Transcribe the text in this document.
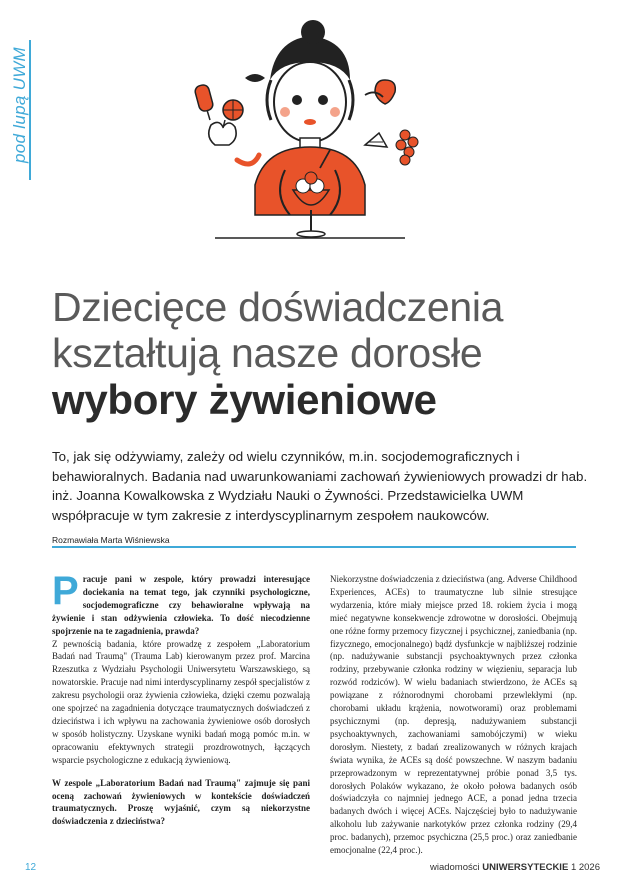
pod lupą UWM
Dziecięce doświadczenia
kształtują nasze dorosłe
wybory żywieniowe
To, jak się odżywiamy, zależy od wielu czynników, m.in. socjodemograficznych i behawioralnych. Badania nad uwarunkowaniami zachowań żywieniowych prowadzi dr hab. inż. Joanna Kowalkowska z Wydziału Nauki o Żywności. Przedstawicielka UWM współpracuje w tym zakresie z interdyscyplinarnym zespołem naukowców.
Rozmawiała Marta Wiśniewska

Pracuje pani w zespole, który prowadzi interesujące dociekania na temat tego, jak czynniki psychologiczne, socjodemograficzne czy behawioralne wpływają na żywienie i stan odżywienia człowieka. To dość niecodzienne spojrzenie na te zagadnienia, prawda?

Z pewnością badania, które prowadzę z zespołem „Laboratorium Badań nad Traumą" (Trauma Lab) kierowanym przez prof. Marcina Rzeszutka z Wydziału Psychologii Uniwersytetu Warszawskiego, są nowatorskie. Pracuje nad nimi interdyscyplinarny zespół specjalistów z zakresu psychologii oraz żywienia człowieka, dzięki czemu pozwalają one spojrzeć na zagadnienia dotyczące traumatycznych doświadczeń z dzieciństwa i ich wpływu na zachowania żywieniowe osób dorosłych w sposób holistyczny. Uzyskane wyniki badań mogą pomóc m.in. w opracowaniu efektywnych strategii prozdrowotnych, łączących wsparcie psychologiczne z edukacją żywieniową.

W zespole „Laboratorium Badań nad Traumą" zajmuje się pani oceną zachowań żywieniowych w kontekście doświadczeń traumatycznych. Proszę wyjaśnić, czym są niekorzystne doświadczenia z dzieciństwa?

Niekorzystne doświadczenia z dzieciństwa (ang. Adverse Childhood Experiences, ACEs) to traumatyczne lub silnie stresujące wydarzenia, które miały miejsce przed 18. rokiem życia i mogą mieć negatywne konsekwencje zdrowotne w dorosłości. Obejmują one różne formy przemocy fizycznej i psychicznej, zaniedbania (np. fizycznego, emocjonalnego) bądź dysfunkcje w najbliższej rodzinie (np. nadużywanie substancji psychoaktywnych przez członka rodziny, przebywanie członka rodziny w więzieniu, separacja lub rozwód rodziców). W wielu badaniach stwierdzono, że ACEs są powiązane z różnorodnymi chorobami przewlekłymi (np. chorobami układu krążenia, nowotworami) oraz problemami psychicznymi (np. depresją, nadużywaniem substancji psychoaktywnych, zachowaniami samobójczymi) w wieku dorosłym. Niestety, z badań zrealizowanych w różnych krajach świata wynika, że ACEs są dość powszechne. W naszym badaniu przeprowadzonym w reprezentatywnej próbie ponad 3,5 tys. dorosłych Polaków wykazano, że około połowa badanych osób doświadczyła co najmniej jednego ACE, a ponad jedna trzecia badanych dwóch i więcej ACEs. Najczęściej było to nadużywanie alkoholu lub zażywanie narkotyków przez członka rodziny (29,4 proc. badanych), przemoc psychiczna (25,5 proc.) oraz zaniedbanie emocjonalne (22,4 proc.).

12	wiadomości UNIWERSYTECKIE 1 2026
